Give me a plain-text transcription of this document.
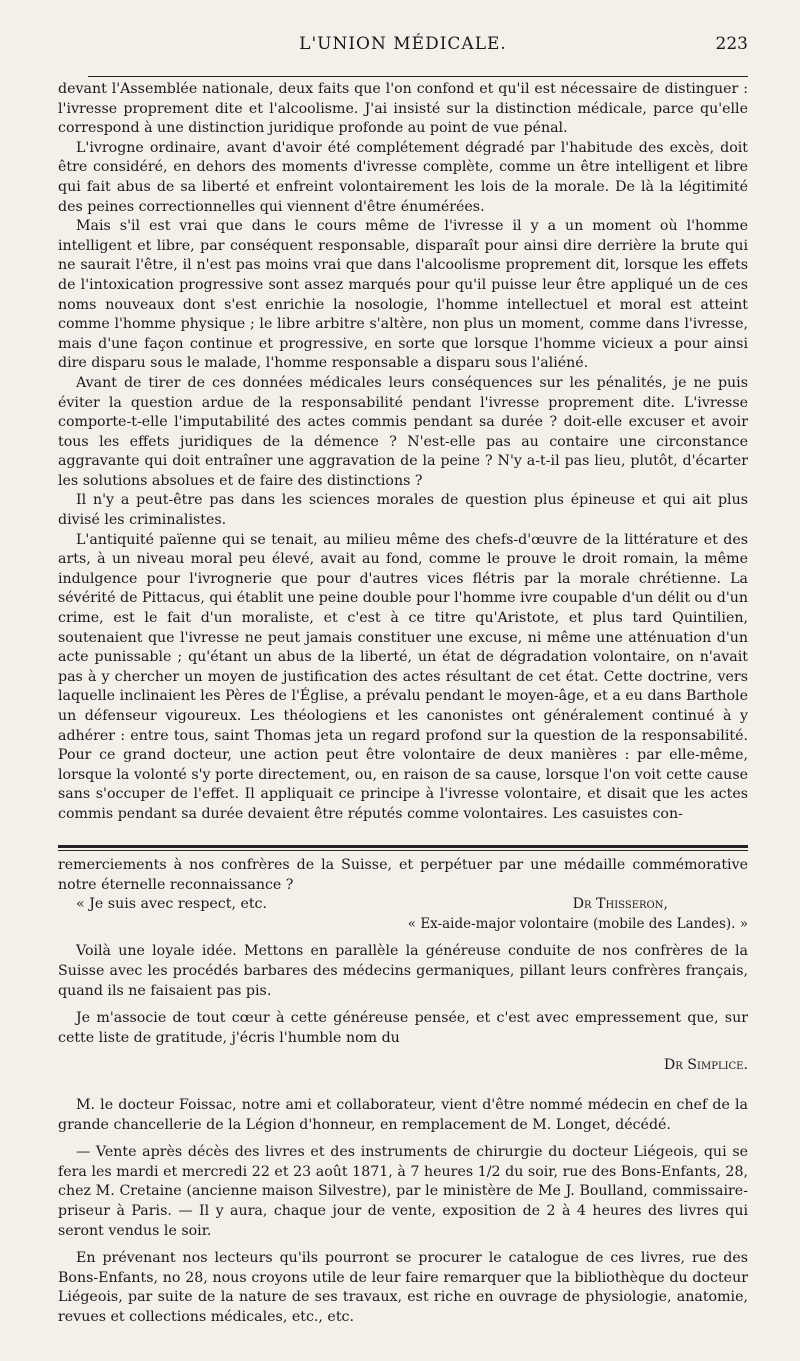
L'UNION MÉDICALE.	223

devant l'Assemblée nationale, deux faits que l'on confond et qu'il est nécessaire de distinguer : l'ivresse proprement dite et l'alcoolisme. J'ai insisté sur la distinction médicale, parce qu'elle correspond à une distinction juridique profonde au point de vue pénal.

L'ivrogne ordinaire, avant d'avoir été complétement dégradé par l'habitude des excès, doit être considéré, en dehors des moments d'ivresse complète, comme un être intelligent et libre qui fait abus de sa liberté et enfreint volontairement les lois de la morale. De là la légitimité des peines correctionnelles qui viennent d'être énumérées.

Mais s'il est vrai que dans le cours même de l'ivresse il y a un moment où l'homme intelligent et libre, par conséquent responsable, disparaît pour ainsi dire derrière la brute qui ne saurait l'être, il n'est pas moins vrai que dans l'alcoolisme proprement dit, lorsque les effets de l'intoxication progressive sont assez marqués pour qu'il puisse leur être appliqué un de ces noms nouveaux dont s'est enrichie la nosologie, l'homme intellectuel et moral est atteint comme l'homme physique ; le libre arbitre s'altère, non plus un moment, comme dans l'ivresse, mais d'une façon continue et progressive, en sorte que lorsque l'homme vicieux a pour ainsi dire disparu sous le malade, l'homme responsable a disparu sous l'aliéné.

Avant de tirer de ces données médicales leurs conséquences sur les pénalités, je ne puis éviter la question ardue de la responsabilité pendant l'ivresse proprement dite. L'ivresse comporte-t-elle l'imputabilité des actes commis pendant sa durée ? doit-elle excuser et avoir tous les effets juridiques de la démence ? N'est-elle pas au contaire une circonstance aggravante qui doit entraîner une aggravation de la peine ? N'y a-t-il pas lieu, plutôt, d'écarter les solutions absolues et de faire des distinctions ?

Il n'y a peut-être pas dans les sciences morales de question plus épineuse et qui ait plus divisé les criminalistes.

L'antiquité païenne qui se tenait, au milieu même des chefs-d'œuvre de la littérature et des arts, à un niveau moral peu élevé, avait au fond, comme le prouve le droit romain, la même indulgence pour l'ivrognerie que pour d'autres vices flétris par la morale chrétienne. La sévérité de Pittacus, qui établit une peine double pour l'homme ivre coupable d'un délit ou d'un crime, est le fait d'un moraliste, et c'est à ce titre qu'Aristote, et plus tard Quintilien, soutenaient que l'ivresse ne peut jamais constituer une excuse, ni même une atténuation d'un acte punissable ; qu'étant un abus de la liberté, un état de dégradation volontaire, on n'avait pas à y chercher un moyen de justification des actes résultant de cet état. Cette doctrine, vers laquelle inclinaient les Pères de l'Église, a prévalu pendant le moyen-âge, et a eu dans Barthole un défenseur vigoureux. Les théologiens et les canonistes ont généralement continué à y adhérer : entre tous, saint Thomas jeta un regard profond sur la question de la responsabilité. Pour ce grand docteur, une action peut être volontaire de deux manières : par elle-même, lorsque la volonté s'y porte directement, ou, en raison de sa cause, lorsque l'on voit cette cause sans s'occuper de l'effet. Il appliquait ce principe à l'ivresse volontaire, et disait que les actes commis pendant sa durée devaient être réputés comme volontaires. Les casuistes con-

remerciements à nos confrères de la Suisse, et perpétuer par une médaille commémorative notre éternelle reconnaissance ?

« Je suis avec respect, etc.	Dr Thisseron,

« Ex-aide-major volontaire (mobile des Landes). »

Voilà une loyale idée. Mettons en parallèle la généreuse conduite de nos confrères de la Suisse avec les procédés barbares des médecins germaniques, pillant leurs confrères français, quand ils ne faisaient pas pis.

Je m'associe de tout cœur à cette généreuse pensée, et c'est avec empressement que, sur cette liste de gratitude, j'écris l'humble nom du

Dr Simplice.

M. le docteur Foissac, notre ami et collaborateur, vient d'être nommé médecin en chef de la grande chancellerie de la Légion d'honneur, en remplacement de M. Longet, décédé.

— Vente après décès des livres et des instruments de chirurgie du docteur Liégeois, qui se fera les mardi et mercredi 22 et 23 août 1871, à 7 heures 1/2 du soir, rue des Bons-Enfants, 28, chez M. Cretaine (ancienne maison Silvestre), par le ministère de Me J. Boulland, commissaire-priseur à Paris. — Il y aura, chaque jour de vente, exposition de 2 à 4 heures des livres qui seront vendus le soir.

En prévenant nos lecteurs qu'ils pourront se procurer le catalogue de ces livres, rue des Bons-Enfants, no 28, nous croyons utile de leur faire remarquer que la bibliothèque du docteur Liégeois, par suite de la nature de ses travaux, est riche en ouvrage de physiologie, anatomie, revues et collections médicales, etc., etc.
